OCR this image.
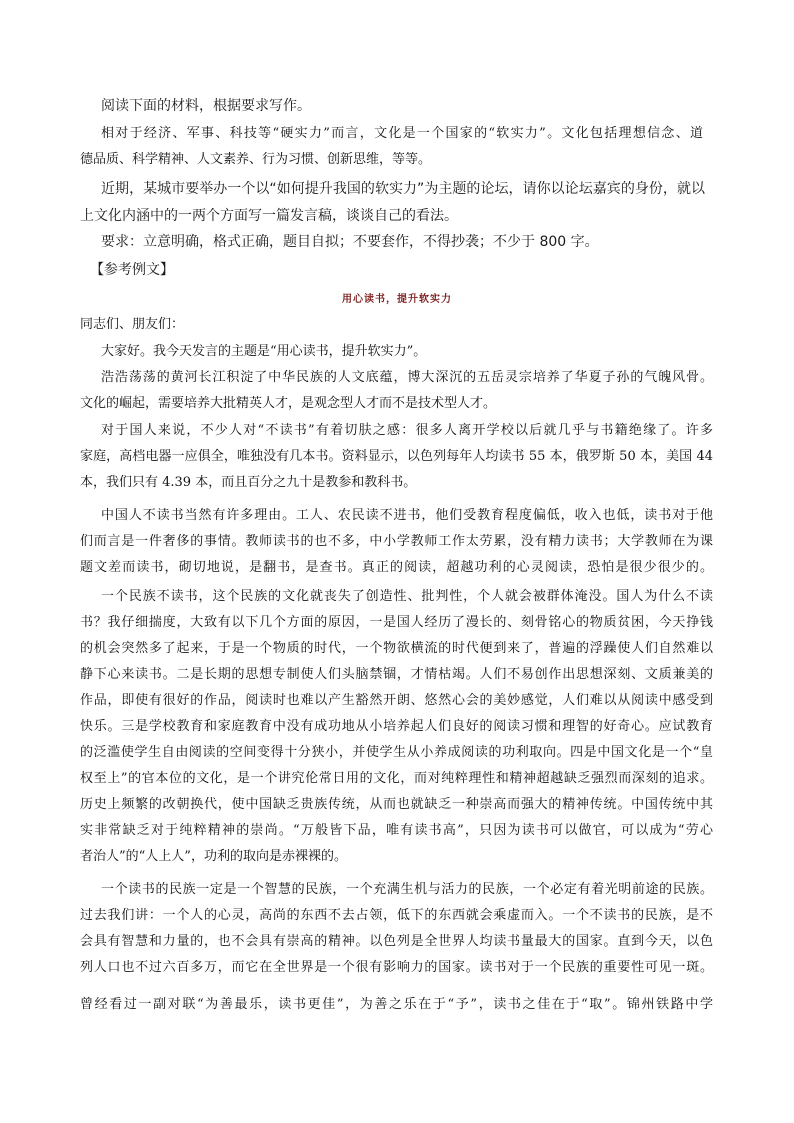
阅读下面的材料，根据要求写作。
相对于经济、军事、科技等“硬实力”而言，文化是一个国家的“软实力”。文化包括理想信念、道
德品质、科学精神、人文素养、行为习惯、创新思维，等等。
近期，某城市要举办一个以“如何提升我国的软实力”为主题的论坛，请你以论坛嘉宾的身份，就以
上文化内涵中的一两个方面写一篇发言稿，谈谈自己的看法。
要求：立意明确，格式正确，题目自拟；不要套作，不得抄袭；不少于 800 字。
【参考例文】
用心读书，提升软实力
同志们、朋友们：
大家好。我今天发言的主题是“用心读书，提升软实力”。
浩浩荡荡的黄河长江积淀了中华民族的人文底蕴，博大深沉的五岳灵宗培养了华夏子孙的气魄风骨。
文化的崛起，需要培养大批精英人才，是观念型人才而不是技术型人才。
对于国人来说，不少人对“不读书”有着切肤之感：很多人离开学校以后就几乎与书籍绝缘了。许多
家庭，高档电器一应俱全，唯独没有几本书。资料显示，以色列每年人均读书 55 本，俄罗斯 50 本，美国 44
本，我们只有 4.39 本，而且百分之九十是教参和教科书。
中国人不读书当然有许多理由。工人、农民读不进书，他们受教育程度偏低，收入也低，读书对于他
们而言是一件奢侈的事情。教师读书的也不多，中小学教师工作太劳累，没有精力读书；大学教师在为课
题文差而读书，砌切地说，是翻书，是查书。真正的阅读，超越功利的心灵阅读，恐怕是很少很少的。
一个民族不读书，这个民族的文化就丧失了创造性、批判性，个人就会被群体淹没。国人为什么不读
书？我仔细揣度，大致有以下几个方面的原因，一是国人经历了漫长的、刻骨铭心的物质贫困，今天挣钱
的机会突然多了起来，于是一个物质的时代，一个物欲横流的时代便到来了，普遍的浮躁使人们自然难以
静下心来读书。二是长期的思想专制使人们头脑禁锢，才情枯竭。人们不易创作出思想深刻、文质兼美的
作品，即使有很好的作品，阅读时也难以产生豁然开朗、悠然心会的美妙感觉，人们难以从阅读中感受到
快乐。三是学校教育和家庭教育中没有成功地从小培养起人们良好的阅读习惯和理智的好奇心。应试教育
的泛滥使学生自由阅读的空间变得十分狭小，并使学生从小养成阅读的功利取向。四是中国文化是一个“皇
权至上”的官本位的文化，是一个讲究伦常日用的文化，而对纯粹理性和精神超越缺乏强烈而深刻的追求。
历史上频繁的改朝换代，使中国缺乏贵族传统，从而也就缺乏一种崇高而强大的精神传统。中国传统中其
实非常缺乏对于纯粹精神的崇尚。“万般皆下品，唯有读书高”，只因为读书可以做官，可以成为“劳心
者治人”的“人上人”，功利的取向是赤裸裸的。
一个读书的民族一定是一个智慧的民族，一个充满生机与活力的民族，一个必定有着光明前途的民族。
过去我们讲：一个人的心灵，高尚的东西不去占领，低下的东西就会乘虚而入。一个不读书的民族，是不
会具有智慧和力量的，也不会具有崇高的精神。以色列是全世界人均读书量最大的国家。直到今天，以色
列人口也不过六百多万，而它在全世界是一个很有影响力的国家。读书对于一个民族的重要性可见一斑。
曾经看过一副对联“为善最乐，读书更佳”，为善之乐在于“予”，读书之佳在于“取”。锦州铁路中学
